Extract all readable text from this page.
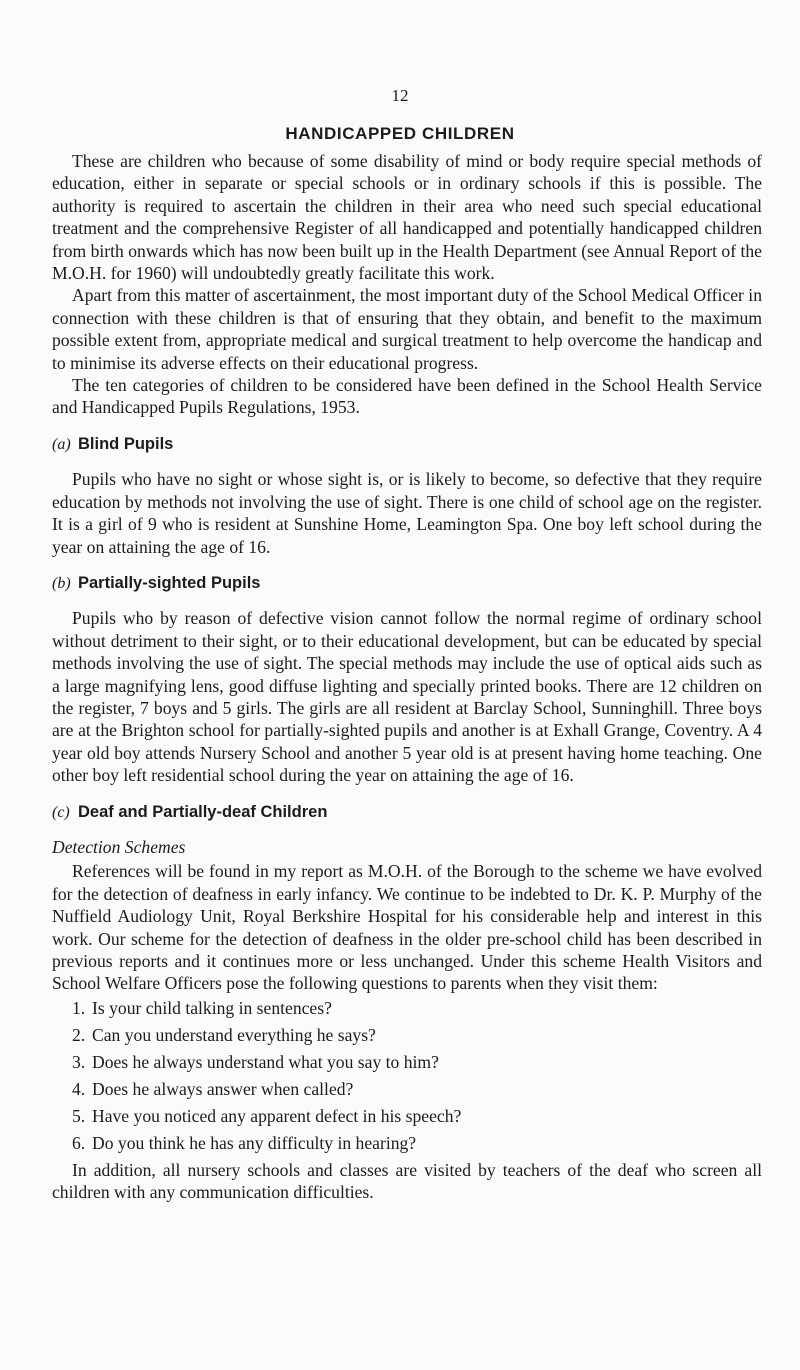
12
HANDICAPPED CHILDREN

These are children who because of some disability of mind or body require special methods of education, either in separate or special schools or in ordinary schools if this is possible. The authority is required to ascertain the children in their area who need such special educational treatment and the comprehensive Register of all handicapped and potentially handicapped children from birth onwards which has now been built up in the Health Department (see Annual Report of the M.O.H. for 1960) will undoubtedly greatly facilitate this work.

Apart from this matter of ascertainment, the most important duty of the School Medical Officer in connection with these children is that of ensuring that they obtain, and benefit to the maximum possible extent from, appropriate medical and surgical treatment to help overcome the handicap and to minimise its adverse effects on their educational progress.

The ten categories of children to be considered have been defined in the School Health Service and Handicapped Pupils Regulations, 1953.

(a) Blind Pupils

Pupils who have no sight or whose sight is, or is likely to become, so defective that they require education by methods not involving the use of sight. There is one child of school age on the register. It is a girl of 9 who is resident at Sunshine Home, Leamington Spa. One boy left school during the year on attaining the age of 16.

(b) Partially-sighted Pupils

Pupils who by reason of defective vision cannot follow the normal regime of ordinary school without detriment to their sight, or to their educational development, but can be educated by special methods involving the use of sight. The special methods may include the use of optical aids such as a large magnifying lens, good diffuse lighting and specially printed books. There are 12 children on the register, 7 boys and 5 girls. The girls are all resident at Barclay School, Sunninghill. Three boys are at the Brighton school for partially-sighted pupils and another is at Exhall Grange, Coventry. A 4 year old boy attends Nursery School and another 5 year old is at present having home teaching. One other boy left residential school during the year on attaining the age of 16.

(c) Deaf and Partially-deaf Children
Detection Schemes

References will be found in my report as M.O.H. of the Borough to the scheme we have evolved for the detection of deafness in early infancy. We continue to be indebted to Dr. K. P. Murphy of the Nuffield Audiology Unit, Royal Berkshire Hospital for his considerable help and interest in this work. Our scheme for the detection of deafness in the older pre-school child has been described in previous reports and it continues more or less unchanged. Under this scheme Health Visitors and School Welfare Officers pose the following questions to parents when they visit them:

1. Is your child talking in sentences?
2. Can you understand everything he says?
3. Does he always understand what you say to him?
4. Does he always answer when called?
5. Have you noticed any apparent defect in his speech?
6. Do you think he has any difficulty in hearing?

In addition, all nursery schools and classes are visited by teachers of the deaf who screen all children with any communication difficulties.
